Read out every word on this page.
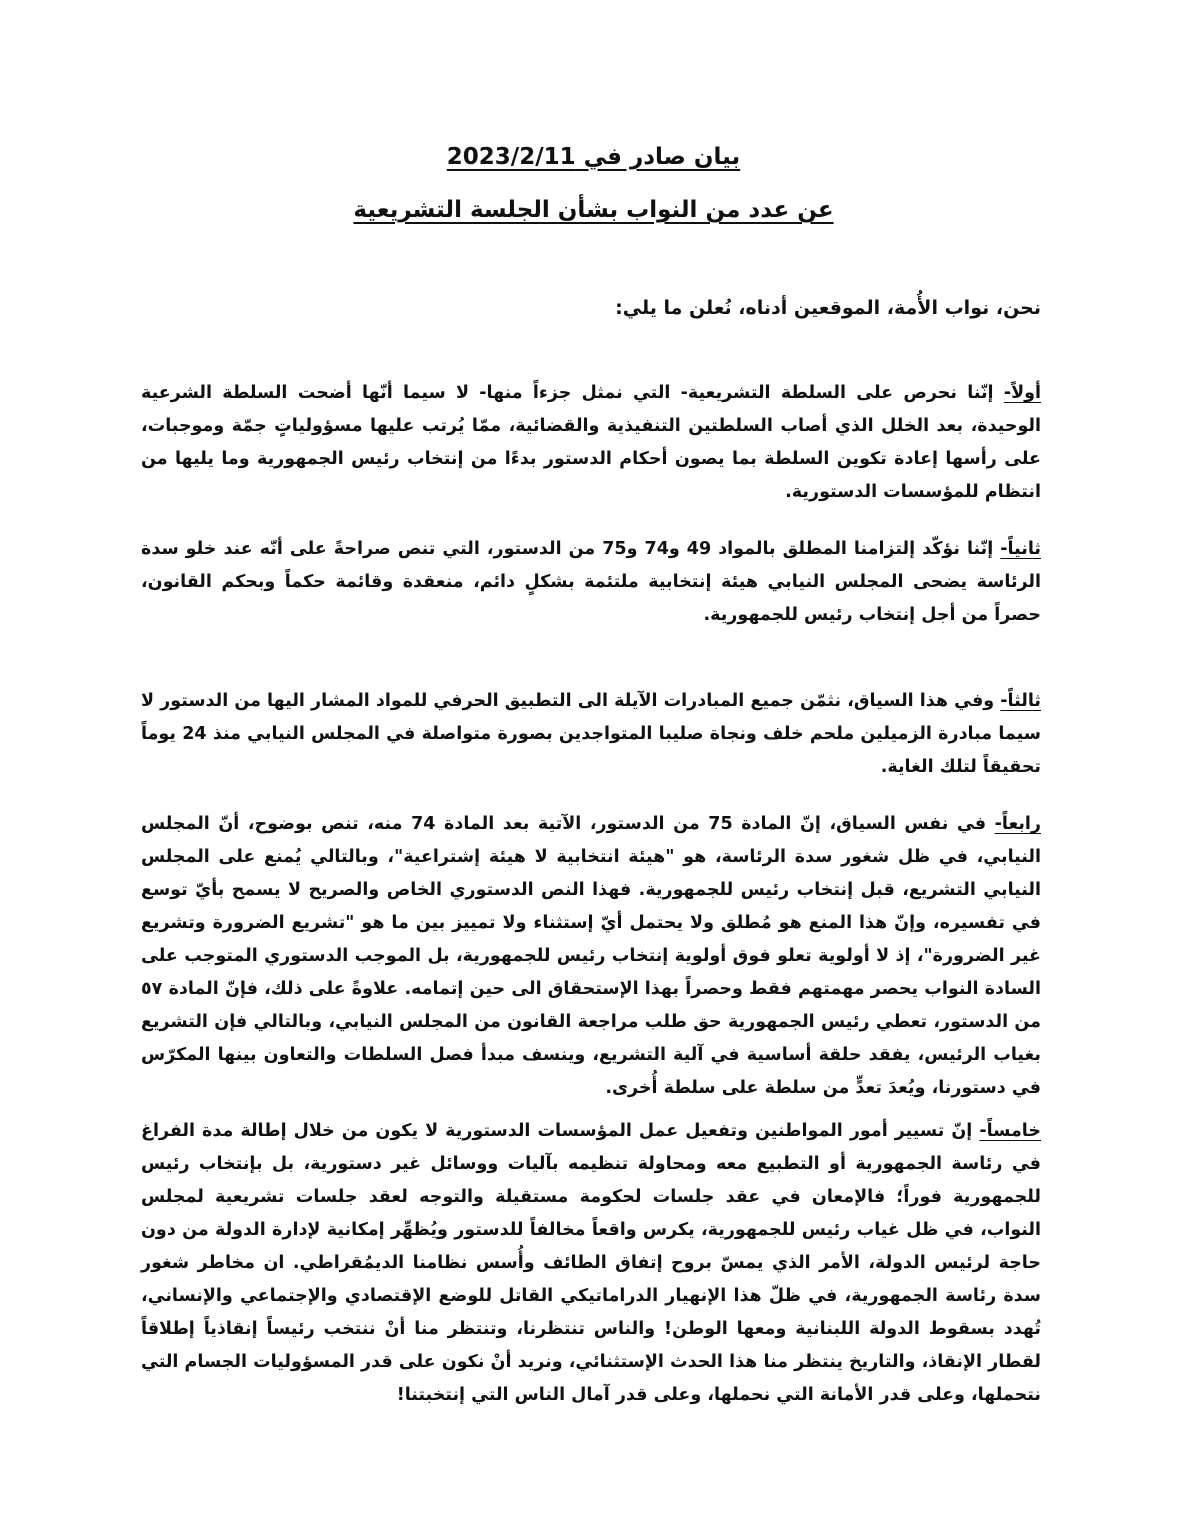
بيان صادر في 2023/2/11
عن عدد من النواب بشأن الجلسة التشريعية
نحن، نواب الأُمة، الموقعين أدناه، نُعلن ما يلي:
أولاً- إنّنا نحرص على السلطة التشريعية- التي نمثل جزءاً منها- لا سيما أنّها أضحت السلطة الشرعية الوحيدة، بعد الخلل الذي أصاب السلطتين التنفيذية والقضائية، ممّا يُرتب عليها مسؤولياتٍ جمّة وموجبات، على رأسها إعادة تكوين السلطة بما يصون أحكام الدستور بدءًا من إنتخاب رئيس الجمهورية وما يليها من انتظام للمؤسسات الدستورية.
ثانياً- إنّنا نؤكّد إلتزامنا المطلق بالمواد 49 و74 و75 من الدستور، التي تنص صراحةً على أنّه عند خلو سدة الرئاسة يضحى المجلس النيابي هيئة إنتخابية ملتئمة بشكلٍ دائم، منعقدة وقائمة حكماً وبحكم القانون، حصراً من أجل إنتخاب رئيس للجمهورية.
ثالثاً- وفي هذا السياق، نثمّن جميع المبادرات الآيلة الى التطبيق الحرفي للمواد المشار اليها من الدستور لا سيما مبادرة الزميلين ملحم خلف ونجاة صليبا المتواجدين بصورة متواصلة في المجلس النيابي منذ 24 يوماً تحقيقاً لتلك الغاية.
رابعاً- في نفس السياق، إنّ المادة 75 من الدستور، الآتية بعد المادة 74 منه، تنص بوضوح، أنّ المجلس النيابي، في ظل شغور سدة الرئاسة، هو "هيئة انتخابية لا هيئة إشتراعية"، وبالتالي يُمنع على المجلس النيابي التشريع، قبل إنتخاب رئيس للجمهورية. فهذا النص الدستوري الخاص والصريح لا يسمح بأيّ توسع في تفسيره، وإنّ هذا المنع هو مُطلق ولا يحتمل أيّ إستثناء ولا تمييز بين ما هو "تشريع الضرورة وتشريع غير الضرورة"، إذ لا أولوية تعلو فوق أولوية إنتخاب رئيس للجمهورية، بل الموجب الدستوري المتوجب على السادة النواب يحصر مهمتهم فقط وحصراً بهذا الإستحقاق الى حين إتمامه. علاوةً على ذلك، فإنّ المادة ٥٧ من الدستور، تعطي رئيس الجمهورية حق طلب مراجعة القانون من المجلس النيابي، وبالتالي فإن التشريع بغياب الرئيس، يفقد حلقة أساسية في آلية التشريع، وينسف مبدأ فصل السلطات والتعاون بينها المكرّس في دستورنا، ويُعدَ تعدٍّ من سلطة على سلطة أُخرى.
خامساً- إنّ تسيير أمور المواطنين وتفعيل عمل المؤسسات الدستورية لا يكون من خلال إطالة مدة الفراغ في رئاسة الجمهورية أو التطبيع معه ومحاولة تنظيمه بآليات ووسائل غير دستورية، بل بإنتخاب رئيس للجمهورية فوراً؛ فالإمعان في عقد جلسات لحكومة مستقيلة والتوجه لعقد جلسات تشريعية لمجلس النواب، في ظل غياب رئيس للجمهورية، يكرس واقعاً مخالفاً للدستور ويُظهِّر إمكانية لإدارة الدولة من دون حاجة لرئيس الدولة، الأمر الذي يمسّ بروح إتفاق الطائف وأُسس نظامنا الديمُقراطي. ان مخاطر شغور سدة رئاسة الجمهورية، في ظلّ هذا الإنهيار الدراماتيكي القاتل للوضع الإقتصادي والإجتماعي والإنساني، تُهدد بسقوط الدولة اللبنانية ومعها الوطن! والناس تنتظرنا، وتنتظر منا أنْ ننتخب رئيساً إنقاذياً إطلاقاً لقطار الإنقاذ، والتاريخ ينتظر منا هذا الحدث الإستثنائي، ونريد أنْ نكون على قدر المسؤوليات الجسام التي نتحملها، وعلى قدر الأمانة التي نحملها، وعلى قدر آمال الناس التي إنتخبتنا!
